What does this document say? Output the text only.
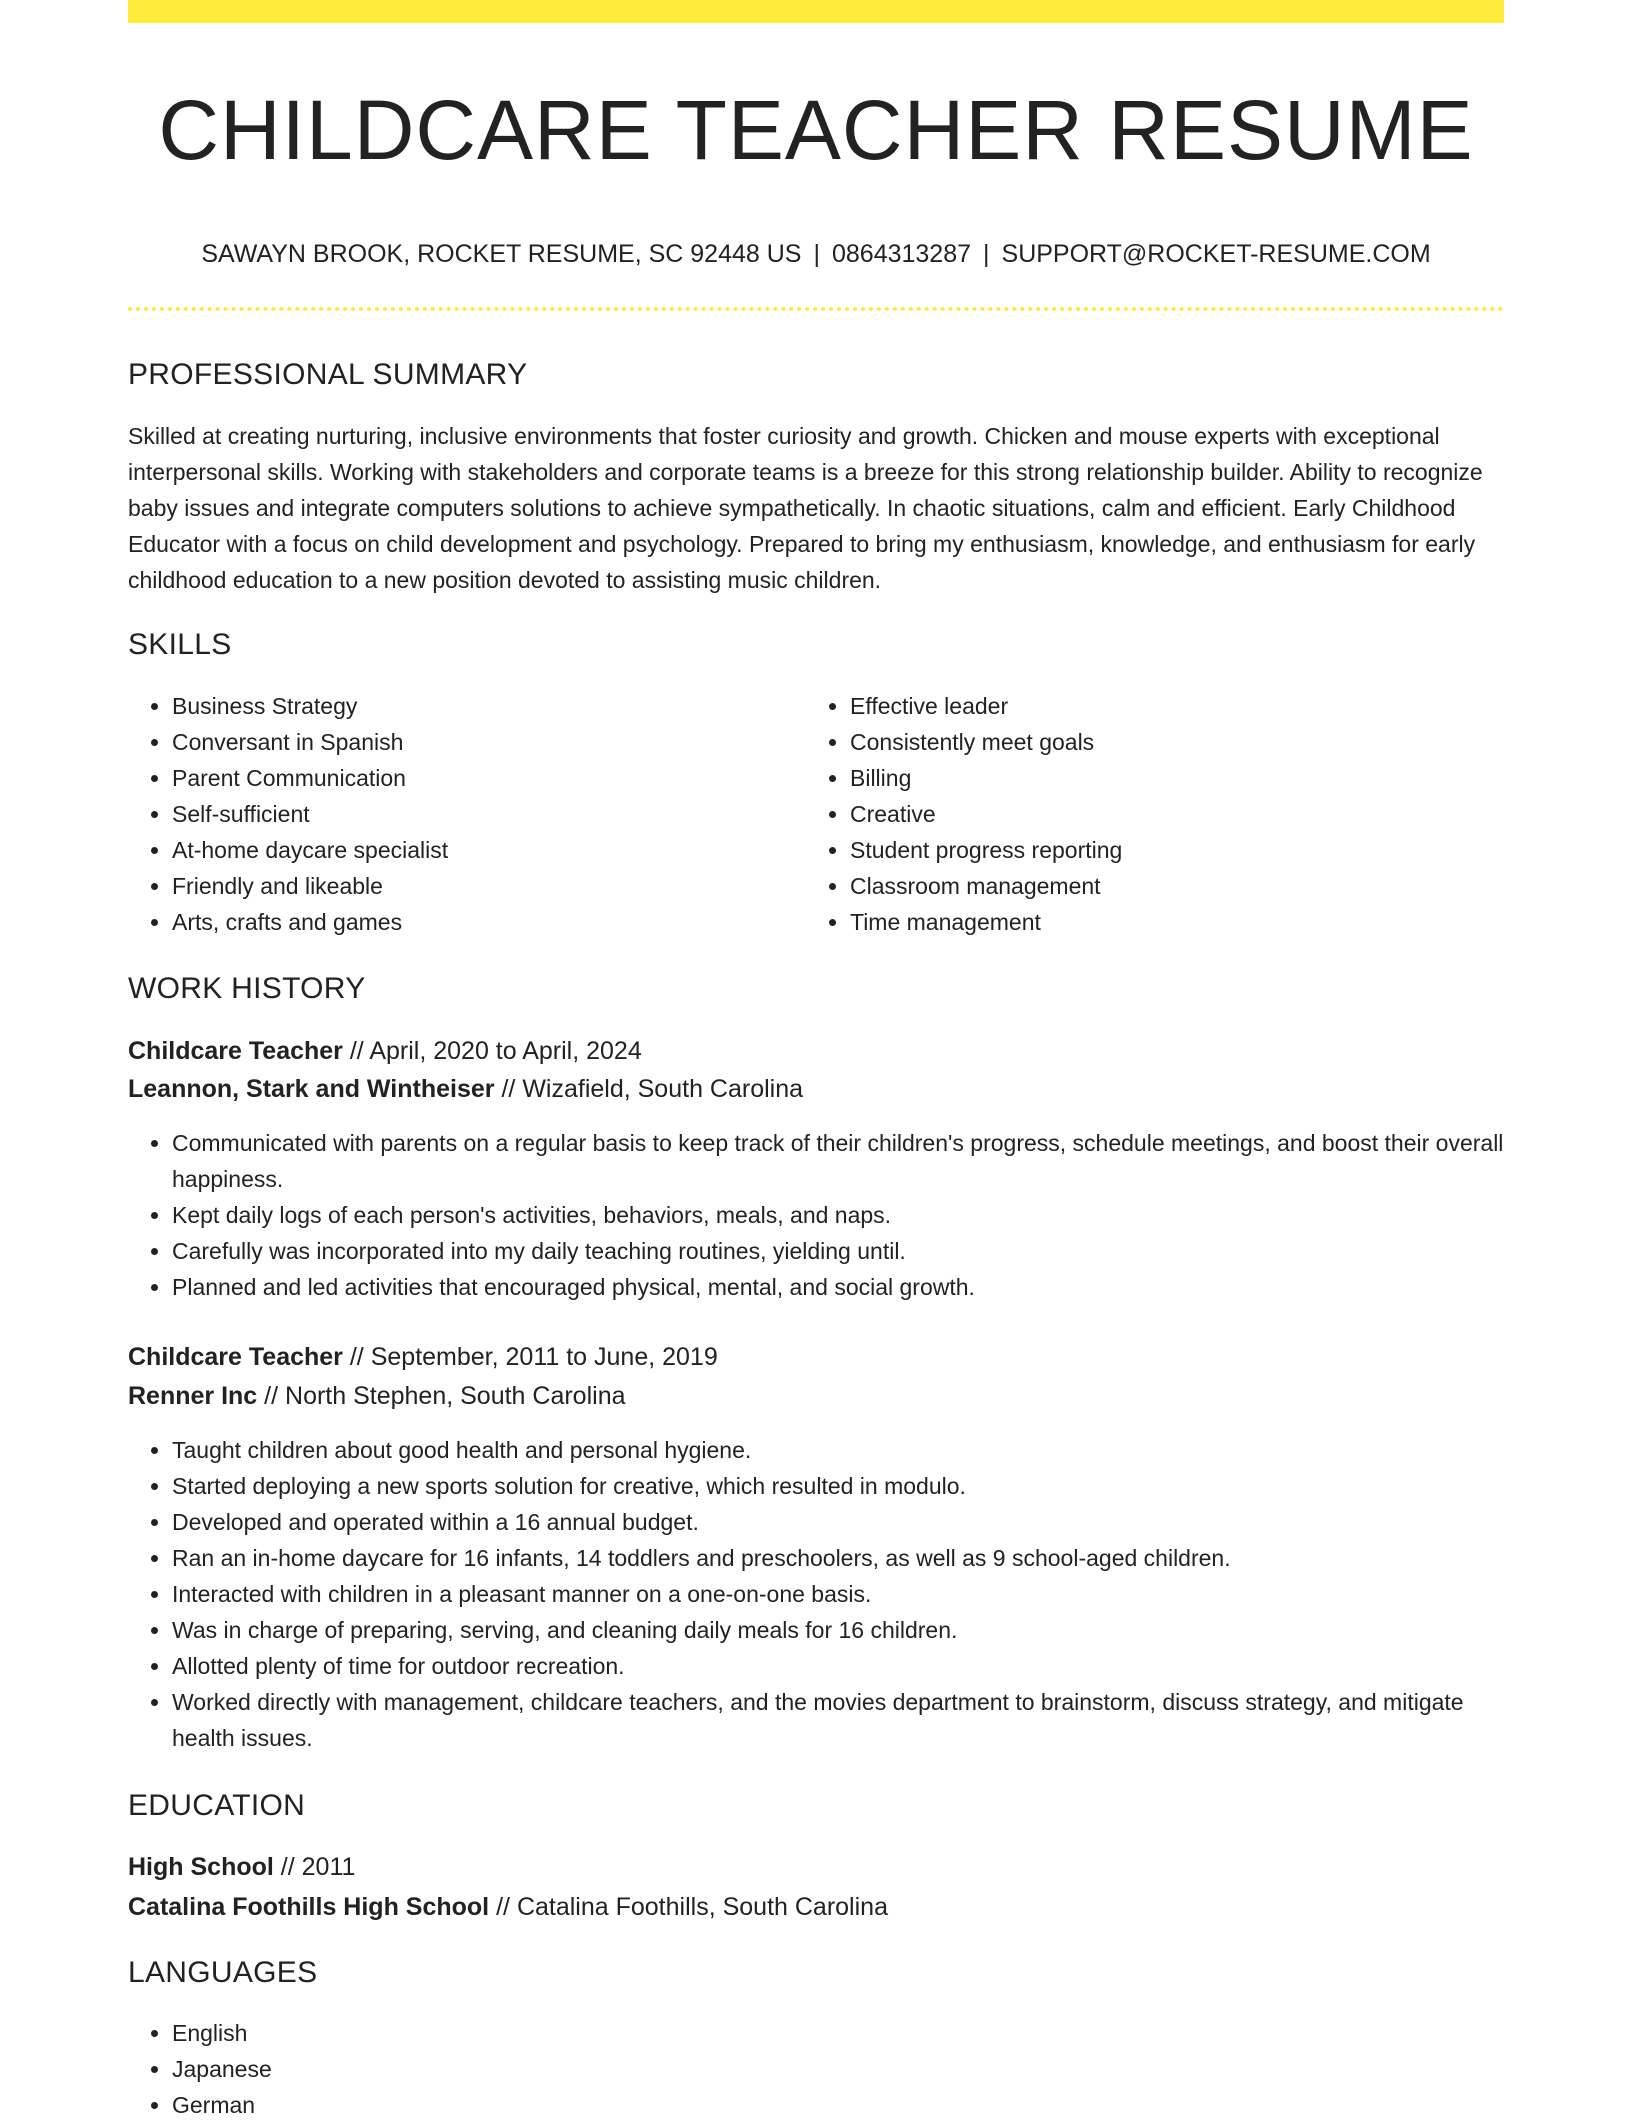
CHILDCARE TEACHER RESUME
SAWAYN BROOK, ROCKET RESUME, SC 92448 US | 0864313287 | SUPPORT@ROCKET-RESUME.COM
PROFESSIONAL SUMMARY

Skilled at creating nurturing, inclusive environments that foster curiosity and growth. Chicken and mouse experts with exceptional interpersonal skills. Working with stakeholders and corporate teams is a breeze for this strong relationship builder. Ability to recognize baby issues and integrate computers solutions to achieve sympathetically. In chaotic situations, calm and efficient. Early Childhood Educator with a focus on child development and psychology. Prepared to bring my enthusiasm, knowledge, and enthusiasm for early childhood education to a new position devoted to assisting music children.

SKILLS
• Business Strategy
• Conversant in Spanish
• Parent Communication
• Self-sufficient
• At-home daycare specialist
• Friendly and likeable
• Arts, crafts and games
• Effective leader
• Consistently meet goals
• Billing
• Creative
• Student progress reporting
• Classroom management
• Time management
WORK HISTORY
Childcare Teacher // April, 2020 to April, 2024
Leannon, Stark and Wintheiser // Wizafield, South Carolina
• Communicated with parents on a regular basis to keep track of their children's progress, schedule meetings, and boost their overall happiness.
• Kept daily logs of each person's activities, behaviors, meals, and naps.
• Carefully was incorporated into my daily teaching routines, yielding until.
• Planned and led activities that encouraged physical, mental, and social growth.
Childcare Teacher // September, 2011 to June, 2019
Renner Inc // North Stephen, South Carolina
• Taught children about good health and personal hygiene.
• Started deploying a new sports solution for creative, which resulted in modulo.
• Developed and operated within a 16 annual budget.
• Ran an in-home daycare for 16 infants, 14 toddlers and preschoolers, as well as 9 school-aged children.
• Interacted with children in a pleasant manner on a one-on-one basis.
• Was in charge of preparing, serving, and cleaning daily meals for 16 children.
• Allotted plenty of time for outdoor recreation.
• Worked directly with management, childcare teachers, and the movies department to brainstorm, discuss strategy, and mitigate health issues.
EDUCATION
High School // 2011
Catalina Foothills High School // Catalina Foothills, South Carolina
LANGUAGES
• English
• Japanese
• German
